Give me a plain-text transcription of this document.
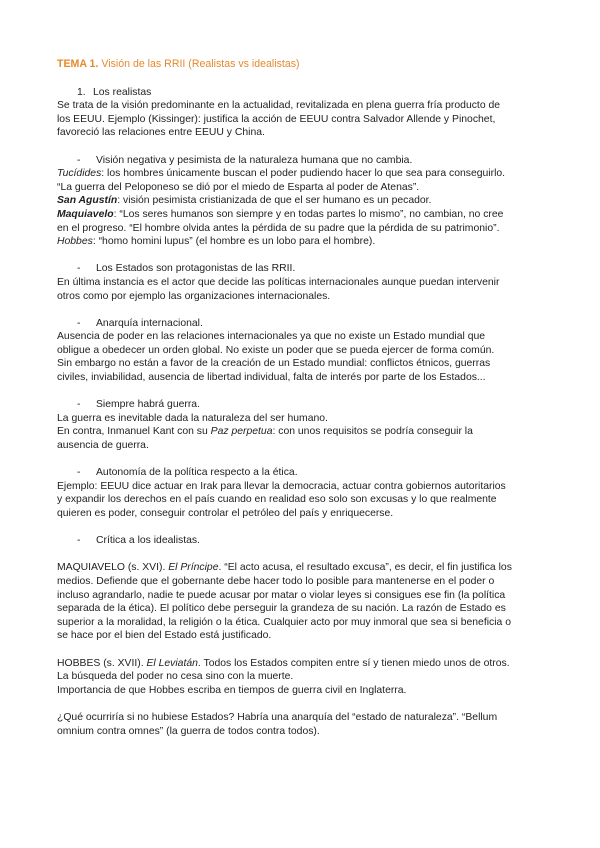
TEMA 1. Visión de las RRII (Realistas vs idealistas)

1. Los realistas

Se trata de la visión predominante en la actualidad, revitalizada en plena guerra fría producto de

los EEUU. Ejemplo (Kissinger): justifica la acción de EEUU contra Salvador Allende y Pinochet,

favoreció las relaciones entre EEUU y China.

- Visión negativa y pesimista de la naturaleza humana que no cambia.

Tucídides: los hombres únicamente buscan el poder pudiendo hacer lo que sea para conseguirlo.

“La guerra del Peloponeso se dió por el miedo de Esparta al poder de Atenas”.

San Agustín: visión pesimista cristianizada de que el ser humano es un pecador.

Maquiavelo: “Los seres humanos son siempre y en todas partes lo mismo”, no cambian, no cree

en el progreso. “El hombre olvida antes la pérdida de su padre que la pérdida de su patrimonio”.

Hobbes: “homo homini lupus” (el hombre es un lobo para el hombre).

- Los Estados son protagonistas de las RRII.

En última instancia es el actor que decide las políticas internacionales aunque puedan intervenir

otros como por ejemplo las organizaciones internacionales.

- Anarquía internacional.

Ausencia de poder en las relaciones internacionales ya que no existe un Estado mundial que

obligue a obedecer un orden global. No existe un poder que se pueda ejercer de forma común.

Sin embargo no están a favor de la creación de un Estado mundial: conflictos étnicos, guerras

civiles, inviabilidad, ausencia de libertad individual, falta de interés por parte de los Estados...

- Siempre habrá guerra.

La guerra es inevitable dada la naturaleza del ser humano.

En contra, Inmanuel Kant con su Paz perpetua: con unos requisitos se podría conseguir la

ausencia de guerra.

- Autonomía de la política respecto a la ética.

Ejemplo: EEUU dice actuar en Irak para llevar la democracia, actuar contra gobiernos autoritarios

y expandir los derechos en el país cuando en realidad eso solo son excusas y lo que realmente

quieren es poder, conseguir controlar el petróleo del país y enriquecerse.

- Crítica a los idealistas.

MAQUIAVELO (s. XVI). El Príncipe. “El acto acusa, el resultado excusa”, es decir, el fin justifica los

medios. Defiende que el gobernante debe hacer todo lo posible para mantenerse en el poder o

incluso agrandarlo, nadie te puede acusar por matar o violar leyes si consigues ese fin (la política

separada de la ética). El político debe perseguir la grandeza de su nación. La razón de Estado es

superior a la moralidad, la religión o la ética. Cualquier acto por muy inmoral que sea si beneficia o

se hace por el bien del Estado está justificado.

HOBBES (s. XVII). El Leviatán. Todos los Estados compiten entre sí y tienen miedo unos de otros.

La búsqueda del poder no cesa sino con la muerte.

Importancia de que Hobbes escriba en tiempos de guerra civil en Inglaterra.

¿Qué ocurriría si no hubiese Estados? Habría una anarquía del “estado de naturaleza”. “Bellum

omnium contra omnes” (la guerra de todos contra todos).
